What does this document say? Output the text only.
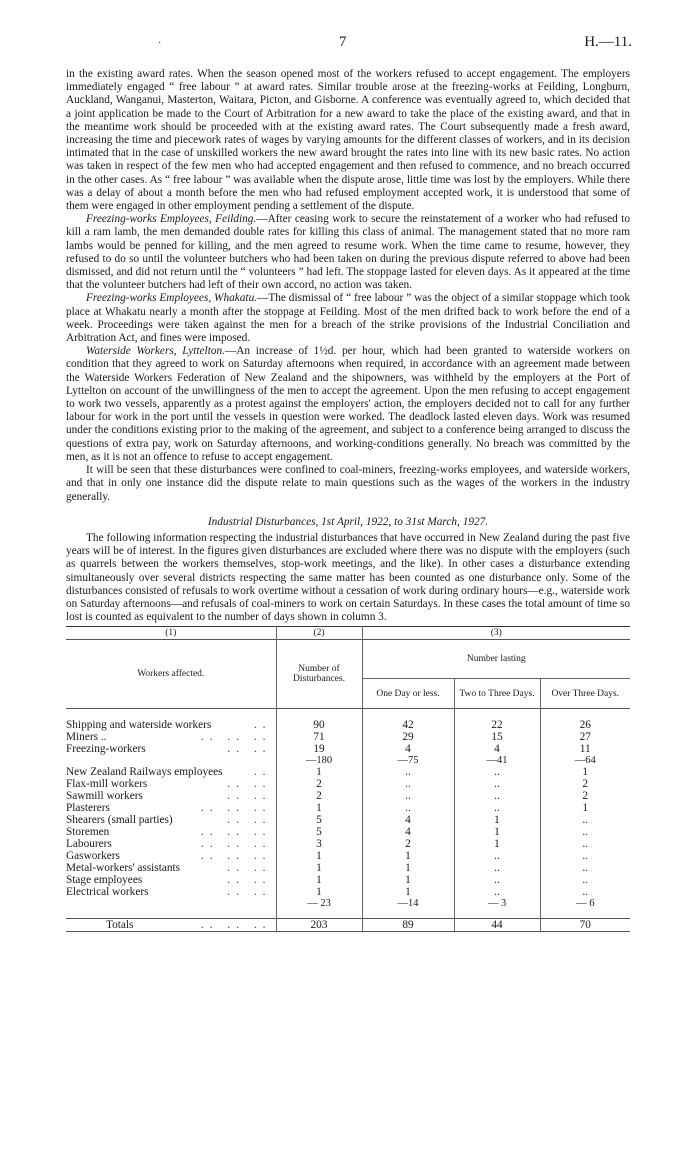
·	7	H.—11.

in the existing award rates. When the season opened most of the workers refused to accept engagement. The employers immediately engaged “ free labour ” at award rates. Similar trouble arose at the freezing-works at Feilding, Longburn, Auckland, Wanganui, Masterton, Waitara, Picton, and Gisborne. A conference was eventually agreed to, which decided that a joint application be made to the Court of Arbitration for a new award to take the place of the existing award, and that in the meantime work should be proceeded with at the existing award rates. The Court subsequently made a fresh award, increasing the time and piecework rates of wages by varying amounts for the different classes of workers, and in its decision intimated that in the case of unskilled workers the new award brought the rates into line with its new basic rates. No action was taken in respect of the few men who had accepted engagement and then refused to commence, and no breach occurred in the other cases. As “ free labour ” was available when the dispute arose, little time was lost by the employers. While there was a delay of about a month before the men who had refused employment accepted work, it is understood that some of them were engaged in other employment pending a settlement of the dispute.

Freezing-works Employees, Feilding.—After ceasing work to secure the reinstatement of a worker who had refused to kill a ram lamb, the men demanded double rates for killing this class of animal. The management stated that no more ram lambs would be penned for killing, and the men agreed to resume work. When the time came to resume, however, they refused to do so until the volunteer butchers who had been taken on during the previous dispute referred to above had been dismissed, and did not return until the “ volunteers ” had left. The stoppage lasted for eleven days. As it appeared at the time that the volunteer butchers had left of their own accord, no action was taken.

Freezing-works Employees, Whakatu.—The dismissal of “ free labour ” was the object of a similar stoppage which took place at Whakatu nearly a month after the stoppage at Feilding. Most of the men drifted back to work before the end of a week. Proceedings were taken against the men for a breach of the strike provisions of the Industrial Conciliation and Arbitration Act, and fines were imposed.

Waterside Workers, Lyttelton.—An increase of 1½d. per hour, which had been granted to waterside workers on condition that they agreed to work on Saturday afternoons when required, in accordance with an agreement made between the Waterside Workers Federation of New Zealand and the shipowners, was withheld by the employers at the Port of Lyttelton on account of the unwillingness of the men to accept the agreement. Upon the men refusing to accept engagement to work two vessels, apparently as a protest against the employers' action, the employers decided not to call for any further labour for work in the port until the vessels in question were worked. The deadlock lasted eleven days. Work was resumed under the conditions existing prior to the making of the agreement, and subject to a conference being arranged to discuss the questions of extra pay, work on Saturday afternoons, and working-conditions generally. No breach was committed by the men, as it is not an offence to refuse to accept engagement.

It will be seen that these disturbances were confined to coal-miners, freezing-works employees, and waterside workers, and that in only one instance did the dispute relate to main questions such as the wages of the workers in the industry generally.

Industrial Disturbances, 1st April, 1922, to 31st March, 1927.

The following information respecting the industrial disturbances that have occurred in New Zealand during the past five years will be of interest. In the figures given disturbances are excluded where there was no dispute with the employers (such as quarrels between the workers themselves, stop-work meetings, and the like). In other cases a disturbance extending simultaneously over several districts respecting the same matter has been counted as one disturbance only. Some of the disturbances consisted of refusals to work overtime without a cessation of work during ordinary hours—e.g., waterside work on Saturday afternoons—and refusals of coal-miners to work on certain Saturdays. In these cases the total amount of time so lost is counted as equivalent to the number of days shown in column 3.

(1)	(2)	(3)		
Workers affected.	Number of Disturbances.	Number lasting		
		One Day or less.	Two to Three Days.	Over Three Days.

Shipping and waterside workers ..	90	42	22	26
Miners .. .. .. ..	71	29	15	27
Freezing-workers .. ..	19	4	4	11
	—180	—75	—41	—64
New Zealand Railways employees ..	1	..	..	1
Flax-mill workers .. ..	2	..	..	2
Sawmill workers .. ..	2	..	..	2
Plasterers .. .. ..	1	..	..	1
Shearers (small parties) .. ..	5	4	1	..
Storemen .. .. ..	5	4	1	..
Labourers .. .. ..	3	2	1	..
Gasworkers .. .. ..	1	1	..	..
Metal-workers' assistants .. ..	1	1	..	..
Stage employees .. ..	1	1	..	..
Electrical workers .. ..	1	1	..	..
	— 23	—14	— 3	— 6

Totals .. .. ..	203	89	44	70
